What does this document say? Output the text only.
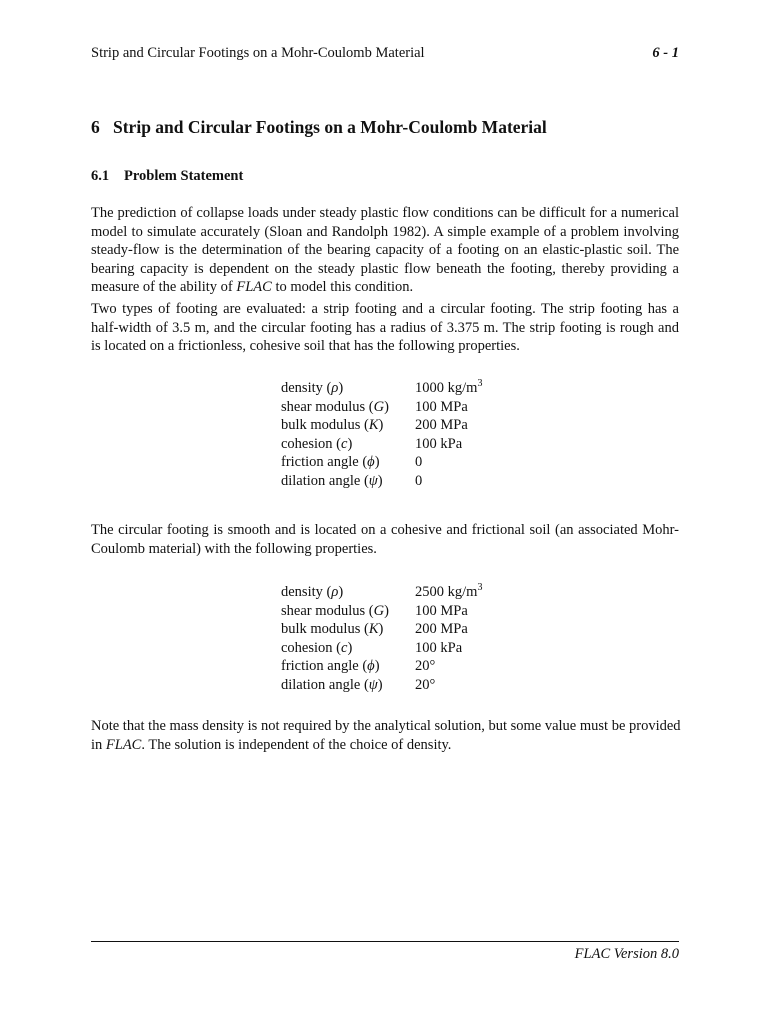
Strip and Circular Footings on a Mohr-Coulomb Material	6 - 1
6 Strip and Circular Footings on a Mohr-Coulomb Material
6.1 Problem Statement

The prediction of collapse loads under steady plastic flow conditions can be difficult for a numerical
model to simulate accurately (Sloan and Randolph 1982). A simple example of a problem involving
steady-flow is the determination of the bearing capacity of a footing on an elastic-plastic soil. The
bearing capacity is dependent on the steady plastic flow beneath the footing, thereby providing a
measure of the ability of FLAC to model this condition.

Two types of footing are evaluated: a strip footing and a circular footing. The strip footing has a
half-width of 3.5 m, and the circular footing has a radius of 3.375 m. The strip footing is rough and
is located on a frictionless, cohesive soil that has the following properties.

density (ρ)	1000 $kg/m^3$
shear modulus (G) 100 MPa
bulk modulus (K) 200 MPa
cohesion (c)	100 kPa
friction angle (ϕ) 0
dilation angle (ψ) 0

The circular footing is smooth and is located on a cohesive and frictional soil (an associated Mohr-
Coulomb material) with the following properties.

density (ρ)	2500 $kg/m^3$
shear modulus (G) 100 MPa
bulk modulus (K) 200 MPa
cohesion (c)	100 kPa
friction angle (ϕ) 20°
dilation angle (ψ) 20°

Note that the mass density is not required by the analytical solution, but some value must be provided
in FLAC. The solution is independent of the choice of density.

FLAC Version 8.0
